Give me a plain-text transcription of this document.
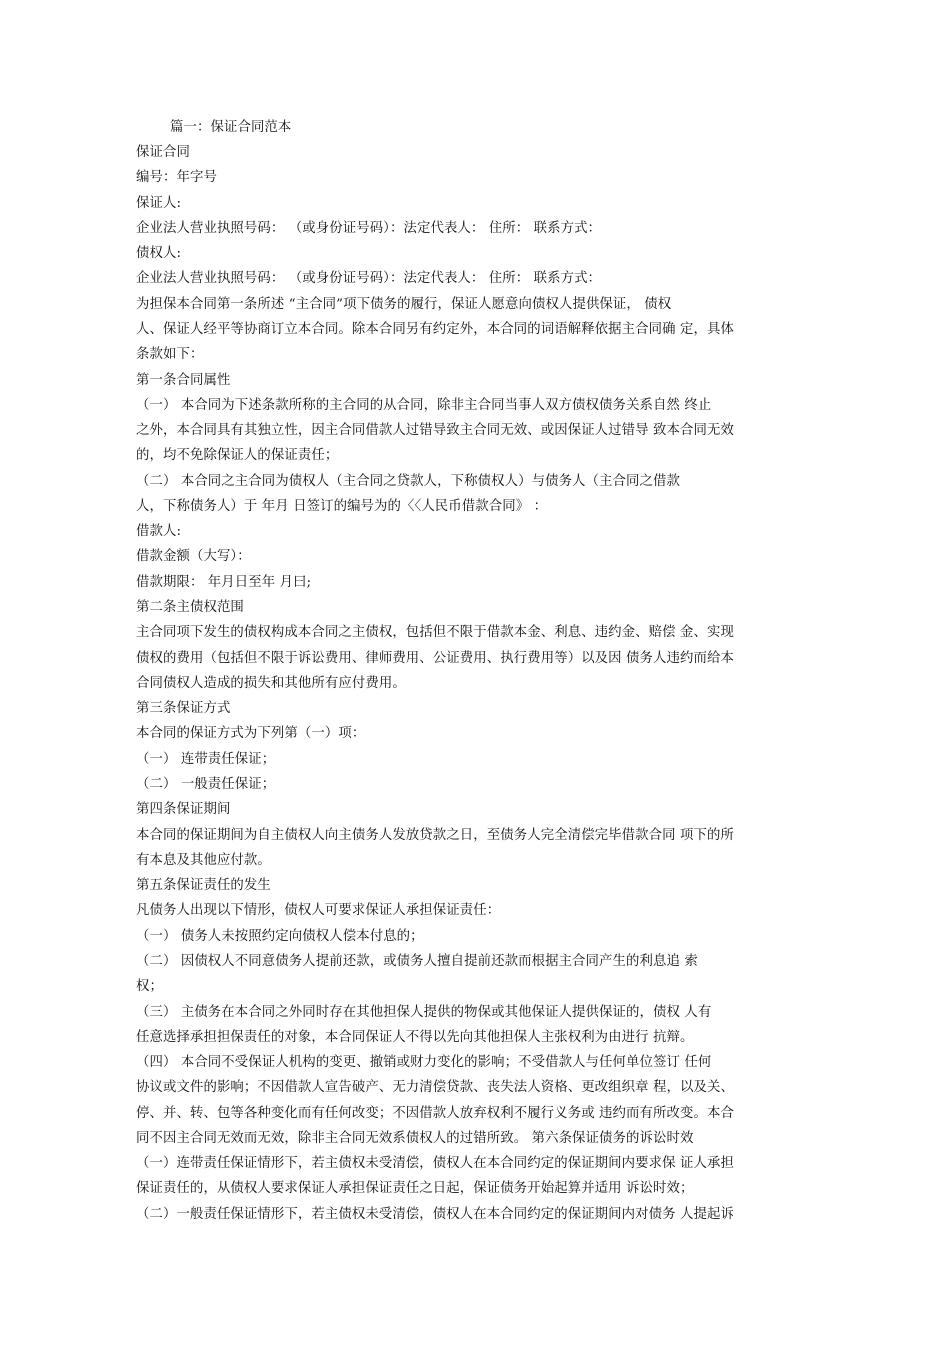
篇一：保证合同范本
保证合同
编号：年字号
保证人:
企业法人营业执照号码： （或身份证号码）：法定代表人： 住所： 联系方式：
债权人:
企业法人营业执照号码： （或身份证号码）：法定代表人： 住所： 联系方式：
为担保本合同第一条所述 “主合同”项下债务的履行，保证人愿意向债权人提供保证， 债权
人、保证人经平等协商订立本合同。除本合同另有约定外，本合同的词语解释依据主合同确 定，具体
条款如下：
第一条合同属性
（一） 本合同为下述条款所称的主合同的从合同，除非主合同当事人双方债权债务关系自然 终止
之外，本合同具有其独立性，因主合同借款人过错导致主合同无效、或因保证人过错导 致本合同无效
的，均不免除保证人的保证责任；
（二） 本合同之主合同为债权人（主合同之贷款人，下称债权人）与债务人（主合同之借款
人，下称债务人）于 年月 日签订的编号为的〈〈人民币借款合同》 ：
借款人:
借款金额（大写）：
借款期限： 年月日至年 月曰;
第二条主债权范围
主合同项下发生的债权构成本合同之主债权，包括但不限于借款本金、利息、违约金、赔偿 金、实现
债权的费用（包括但不限于诉讼费用、律师费用、公证费用、执行费用等）以及因 债务人违约而给本
合同债权人造成的损失和其他所有应付费用。
第三条保证方式
本合同的保证方式为下列第（一）项：
（一） 连带责任保证；
（二） 一般责任保证；
第四条保证期间
本合同的保证期间为自主债权人向主债务人发放贷款之日，至债务人完全清偿完毕借款合同 项下的所
有本息及其他应付款。
第五条保证责任的发生
凡债务人出现以下情形，债权人可要求保证人承担保证责任：
（一） 债务人未按照约定向债权人偿本付息的；
（二） 因债权人不同意债务人提前还款，或债务人擅自提前还款而根据主合同产生的利息追 索
权；
（三） 主债务在本合同之外同时存在其他担保人提供的物保或其他保证人提供保证的，债权 人有
任意选择承担担保责任的对象，本合同保证人不得以先向其他担保人主张权利为由进行 抗辩。
（四） 本合同不受保证人机构的变更、撤销或财力变化的影响；不受借款人与任何单位签订 任何
协议或文件的影响；不因借款人宣告破产、无力清偿贷款、丧失法人资格、更改组织章 程，以及关、
停、并、转、包等各种变化而有任何改变；不因借款人放弃权利不履行义务或 违约而有所改变。本合
同不因主合同无效而无效，除非主合同无效系债权人的过错所致。 第六条保证债务的诉讼时效
（一）连带责任保证情形下，若主债权未受清偿，债权人在本合同约定的保证期间内要求保 证人承担
保证责任的，从债权人要求保证人承担保证责任之日起，保证债务开始起算并适用 诉讼时效；
（二）一般责任保证情形下，若主债权未受清偿，债权人在本合同约定的保证期间内对债务 人提起诉
